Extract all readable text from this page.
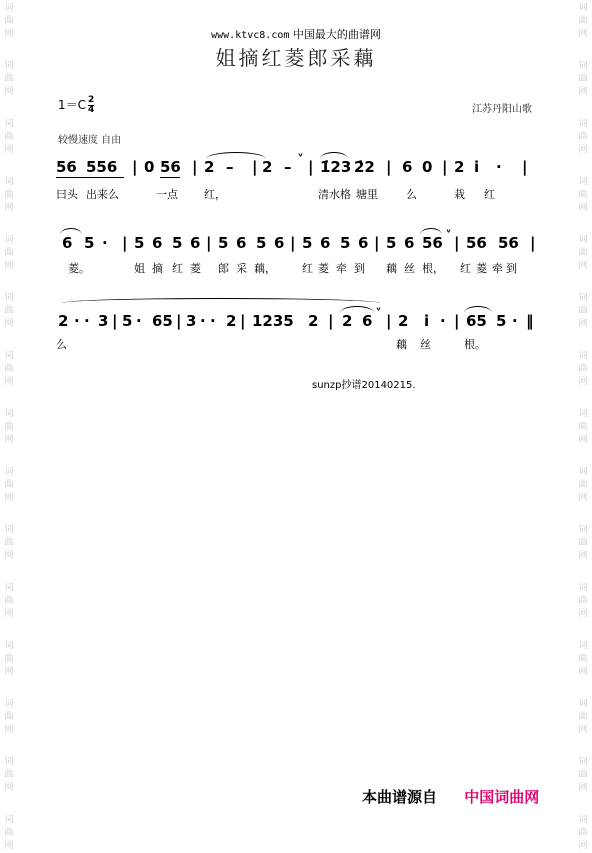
词
曲
网
词
曲
网
词
曲
网
词
曲
网
词
曲
网
词
曲
网
词
曲
网
词
曲
网
词
曲
网
词
曲
网
词
曲
网
词
曲
网
词
曲
网
词
曲
网
词
曲
网
词
曲
网
词
曲
网
词
曲
网
词
曲
网
词
曲
网
词
曲
网
词
曲
网
词
曲
网
词
曲
网
词
曲
网
词
曲
网
词
曲
网
词
曲
网
词
曲
网
词
曲
网
www.ktvc8.com 中国最大的曲谱网
姐摘红菱郎采藕
1＝C 2
4	江苏丹阳山歌
较慢速度 自由
56 556 | 0 56 | 2 – | 2 –
ᵛ
| 1̇23 2̇2 | 6 0 | 2 i · |
曰头 出来么	一点 红，	清水格 塘里	么	栽 红
6 5 · | 5 6 5 6 | 5 6 5 6 | 5 6 5 6 | 5 6 56
ᵛ
| 56 56 |
菱。	姐 摘 红 菱 郎 采 藕， 红 菱 牵 到 藕 丝 根， 红 菱 牵 到
2 · · 3 | 5 · 65 | 3 · · 2 | 1235 2 | 2 6
ᵛ
| 2 i · | 65 5 · ‖
么	藕 丝	根。
sunzp抄谱20140215.
本曲谱源自 中国词曲网
